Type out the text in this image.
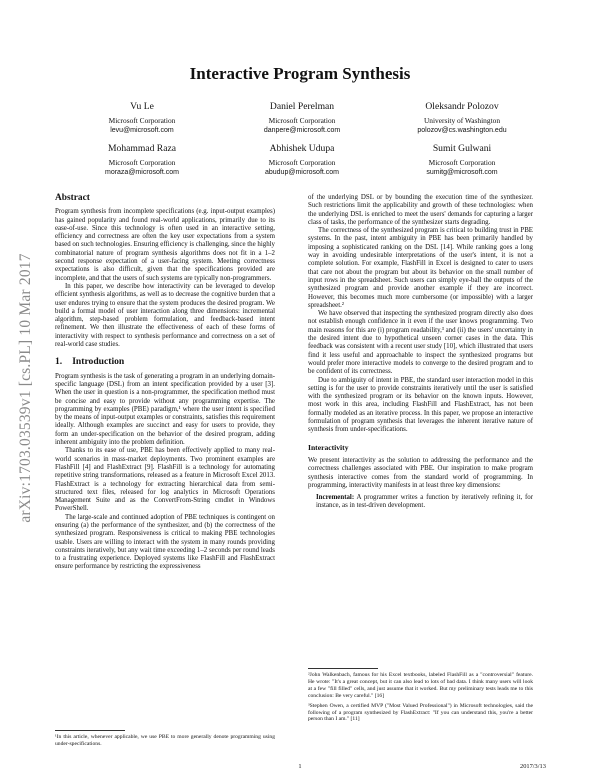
arXiv:1703.03539v1 [cs.PL] 10 Mar 2017
Interactive Program Synthesis
Vu Le
Microsoft Corporation
levu@microsoft.com
Daniel Perelman
Microsoft Corporation
danpere@microsoft.com
Oleksandr Polozov
University of Washington
polozov@cs.washington.edu
Mohammad Raza
Microsoft Corporation
moraza@microsoft.com
Abhishek Udupa
Microsoft Corporation
abudup@microsoft.com
Sumit Gulwani
Microsoft Corporation
sumitg@microsoft.com
Abstract

Program synthesis from incomplete specifications (e.g. input-output examples) has gained popularity and found real-world applications, primarily due to its ease-of-use. Since this technology is often used in an interactive setting, efficiency and correctness are often the key user expectations from a system based on such technologies. Ensuring efficiency is challenging, since the highly combinatorial nature of program synthesis algorithms does not fit in a 1–2 second response expectation of a user-facing system. Meeting correctness expectations is also difficult, given that the specifications provided are incomplete, and that the users of such systems are typically non-programmers.

In this paper, we describe how interactivity can be leveraged to develop efficient synthesis algorithms, as well as to decrease the cognitive burden that a user endures trying to ensure that the system produces the desired program. We build a formal model of user interaction along three dimensions: incremental algorithm, step-based problem formulation, and feedback-based intent refinement. We then illustrate the effectiveness of each of these forms of interactivity with respect to synthesis performance and correctness on a set of real-world case studies.

1. Introduction

Program synthesis is the task of generating a program in an underlying domain-specific language (DSL) from an intent specification provided by a user [3]. When the user in question is a non-programmer, the specification method must be concise and easy to provide without any programming expertise. The programming by examples (PBE) paradigm,¹ where the user intent is specified by the means of input-output examples or constraints, satisfies this requirement ideally. Although examples are succinct and easy for users to provide, they form an under-specification on the behavior of the desired program, adding inherent ambiguity into the problem definition.

Thanks to its ease of use, PBE has been effectively applied to many real-world scenarios in mass-market deployments. Two prominent examples are FlashFill [4] and FlashExtract [9]. FlashFill is a technology for automating repetitive string transformations, released as a feature in Microsoft Excel 2013. FlashExtract is a technology for extracting hierarchical data from semi-structured text files, released for log analytics in Microsoft Operations Management Suite and as the ConvertFrom-String cmdlet in Windows PowerShell.

The large-scale and continued adoption of PBE techniques is contingent on ensuring (a) the performance of the synthesizer, and (b) the correctness of the synthesized program. Responsiveness is critical to making PBE technologies usable. Users are willing to interact with the system in many rounds providing constraints iteratively, but any wait time exceeding 1–2 seconds per round leads to a frustrating experience. Deployed systems like FlashFill and FlashExtract ensure performance by restricting the expressiveness

¹In this article, whenever applicable, we use PBE to more generally denote programming using under-specifications.

of the underlying DSL or by bounding the execution time of the synthesizer. Such restrictions limit the applicability and growth of these technologies: when the underlying DSL is enriched to meet the users' demands for capturing a larger class of tasks, the performance of the synthesizer starts degrading.

The correctness of the synthesized program is critical to building trust in PBE systems. In the past, intent ambiguity in PBE has been primarily handled by imposing a sophisticated ranking on the DSL [14]. While ranking goes a long way in avoiding undesirable interpretations of the user's intent, it is not a complete solution. For example, FlashFill in Excel is designed to cater to users that care not about the program but about its behavior on the small number of input rows in the spreadsheet. Such users can simply eye-ball the outputs of the synthesized program and provide another example if they are incorrect. However, this becomes much more cumbersome (or impossible) with a larger spreadsheet.²

We have observed that inspecting the synthesized program directly also does not establish enough confidence in it even if the user knows programming. Two main reasons for this are (i) program readability,³ and (ii) the users' uncertainty in the desired intent due to hypothetical unseen corner cases in the data. This feedback was consistent with a recent user study [10], which illustrated that users find it less useful and approachable to inspect the synthesized programs but would prefer more interactive models to converge to the desired program and to be confident of its correctness.

Due to ambiguity of intent in PBE, the standard user interaction model in this setting is for the user to provide constraints iteratively until the user is satisfied with the synthesized program or its behavior on the known inputs. However, most work in this area, including FlashFill and FlashExtract, has not been formally modeled as an iterative process. In this paper, we propose an interactive formulation of program synthesis that leverages the inherent iterative nature of synthesis from under-specifications.

Interactivity

We present interactivity as the solution to addressing the performance and the correctness challenges associated with PBE. Our inspiration to make program synthesis interactive comes from the standard world of programming. In programming, interactivity manifests in at least three key dimensions:

Incremental: A programmer writes a function by iteratively refining it, for instance, as in test-driven development.

²John Walkenbach, famous for his Excel textbooks, labeled FlashFill as a "controversial" feature. He wrote: "It's a great concept, but it can also lead to lots of bad data. I think many users will look at a few "fill filled" cells, and just assume that it worked. But my preliminary tests leads me to this conclusion: Be very careful." [16]

³Stephen Owen, a certified MVP ("Most Valued Professional") in Microsoft technologies, said the following of a program synthesized by FlashExtract: "If you can understand this, you're a better person than I am." [11]

1	2017/3/13
